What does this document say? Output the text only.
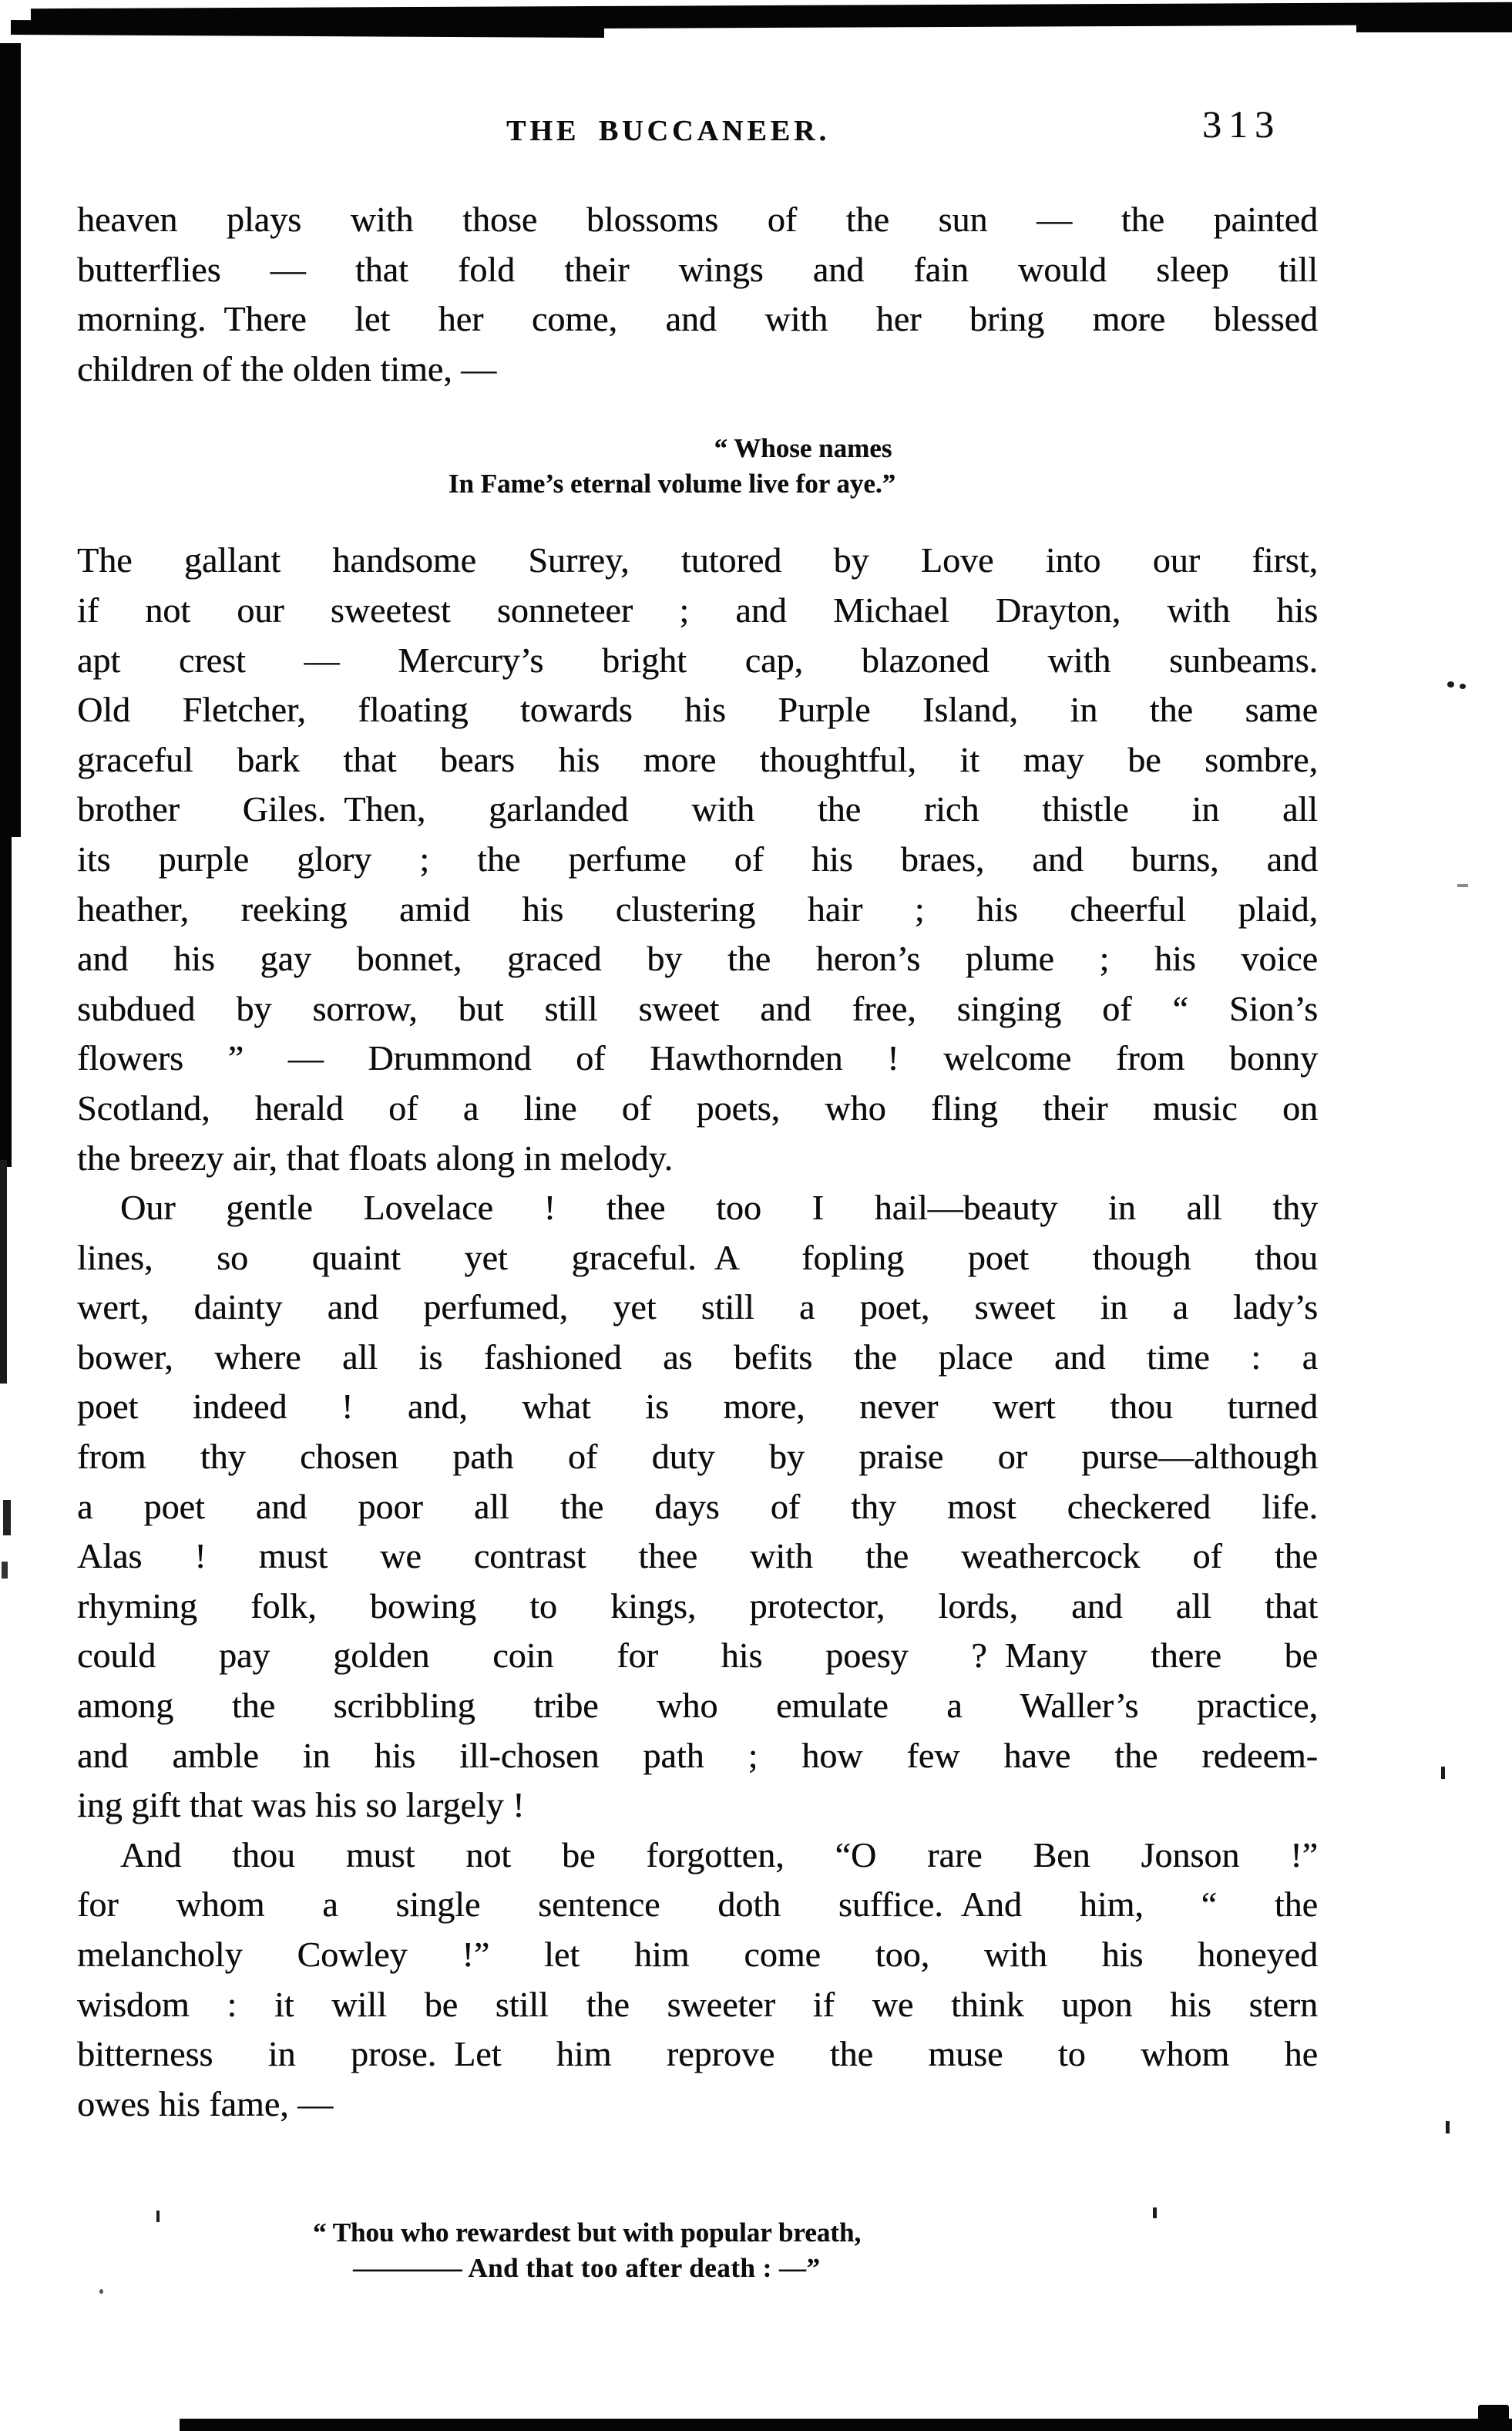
THE BUCCANEER.	313
heaven plays with those blossoms of the sun — the painted
butterflies — that fold their wings and fain would sleep till
morning. There let her come, and with her bring more blessed
children of the olden time, —
“ Whose names
In Fame’s eternal volume live for aye.”
The gallant handsome Surrey, tutored by Love into our first,
if not our sweetest sonneteer ; and Michael Drayton, with his
apt crest — Mercury’s bright cap, blazoned with sunbeams.
Old Fletcher, floating towards his Purple Island, in the same
graceful bark that bears his more thoughtful, it may be sombre,
brother Giles. Then, garlanded with the rich thistle in all
its purple glory ; the perfume of his braes, and burns, and
heather, reeking amid his clustering hair ; his cheerful plaid,
and his gay bonnet, graced by the heron’s plume ; his voice
subdued by sorrow, but still sweet and free, singing of “ Sion’s
flowers ” — Drummond of Hawthornden ! welcome from bonny
Scotland, herald of a line of poets, who fling their music on
the breezy air, that floats along in melody.
Our gentle Lovelace ! thee too I hail—beauty in all thy
lines, so quaint yet graceful. A fopling poet though thou
wert, dainty and perfumed, yet still a poet, sweet in a lady’s
bower, where all is fashioned as befits the place and time : a
poet indeed ! and, what is more, never wert thou turned
from thy chosen path of duty by praise or purse—although
a poet and poor all the days of thy most checkered life.
Alas ! must we contrast thee with the weathercock of the
rhyming folk, bowing to kings, protector, lords, and all that
could pay golden coin for his poesy ? Many there be
among the scribbling tribe who emulate a Waller’s practice,
and amble in his ill-chosen path ; how few have the redeem-
ing gift that was his so largely !
And thou must not be forgotten, “O rare Ben Jonson !”
for whom a single sentence doth suffice. And him, “ the
melancholy Cowley !” let him come too, with his honeyed
wisdom : it will be still the sweeter if we think upon his stern
bitterness in prose. Let him reprove the muse to whom he
owes his fame, —
“ Thou who rewardest but with popular breath,
———— And that too after death : —”
